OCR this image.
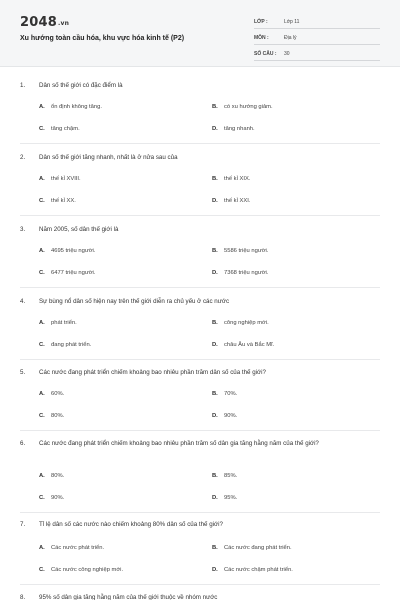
2048.vn
Xu hướng toàn cầu hóa, khu vực hóa kinh tế (P2)
LỚP :	Lớp 11
MÔN :	Địa lý
SỐ CÂU :	30
1. Dân số thế giới có đặc điểm là
A. ổn định không tăng.	B. có xu hướng giảm.
C. tăng chậm.	D. tăng nhanh.
2. Dân số thế giới tăng nhanh, nhất là ở nửa sau của
A. thế kỉ XVIII.	B. thế kỉ XIX.
C. thế kỉ XX.	D. thế kỉ XXI.
3. Năm 2005, số dân thế giới là
A. 4695 triệu người.	B. 5586 triệu người.
C. 6477 triệu người.	D. 7368 triệu người.
4. Sự bùng nổ dân số hiện nay trên thế giới diễn ra chủ yếu ở các nước
A. phát triển.	B. công nghiệp mới.
C. đang phát triển.	D. châu Âu và Bắc Mĩ.
5. Các nước đang phát triển chiếm khoảng bao nhiêu phần trăm dân số của thế giới?
A. 60%.	B. 70%.
C. 80%.	D. 90%.
6.	Các nước đang phát triển chiếm khoảng bao nhiêu phần trăm số dân gia tăng hằng năm của thế giới?
A. 80%.	B. 85%.
C. 90%.	D. 95%.
7. Tỉ lệ dân số các nước nào chiếm khoảng 80% dân số của thế giới?
A. Các nước phát triển.	B. Các nước đang phát triển.
C. Các nước công nghiệp mới.	D. Các nước chậm phát triển.
8. 95% số dân gia tăng hằng năm của thế giới thuộc về nhóm nước
